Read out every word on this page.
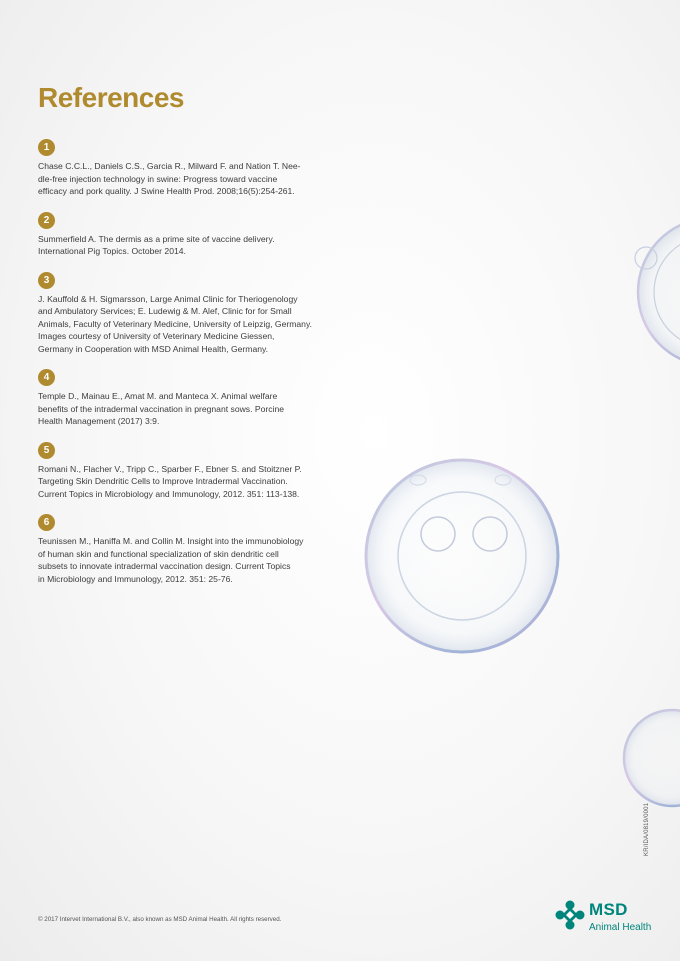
References
1

Chase C.C.L., Daniels C.S., Garcia R., Milward F. and Nation T. Nee-
dle-free injection technology in swine: Progress toward vaccine
efficacy and pork quality. J Swine Health Prod. 2008;16(5):254-261.

2

Summerfield A. The dermis as a prime site of vaccine delivery.
International Pig Topics. October 2014.

3

J. Kauffold & H. Sigmarsson, Large Animal Clinic for Theriogenology
and Ambulatory Services; E. Ludewig & M. Alef, Clinic for for Small
Animals, Faculty of Veterinary Medicine, University of Leipzig, Germany.
Images courtesy of University of Veterinary Medicine Giessen,
Germany in Cooperation with MSD Animal Health, Germany.

4

Temple D., Mainau E., Amat M. and Manteca X. Animal welfare
benefits of the intradermal vaccination in pregnant sows. Porcine
Health Management (2017) 3:9.

5

Romani N., Flacher V., Tripp C., Sparber F., Ebner S. and Stoitzner P.
Targeting Skin Dendritic Cells to Improve Intradermal Vaccination.
Current Topics in Microbiology and Immunology, 2012. 351: 113-138.

6

Teunissen M., Haniffa M. and Collin M. Insight into the immunobiology
of human skin and functional specialization of skin dendritic cell
subsets to innovate intradermal vaccination design. Current Topics
in Microbiology and Immunology, 2012. 351: 25-76.

KR/IDA/0819/0001

© 2017 Intervet International B.V., also known as MSD Animal Health. All rights reserved.

MSD
Animal Health
